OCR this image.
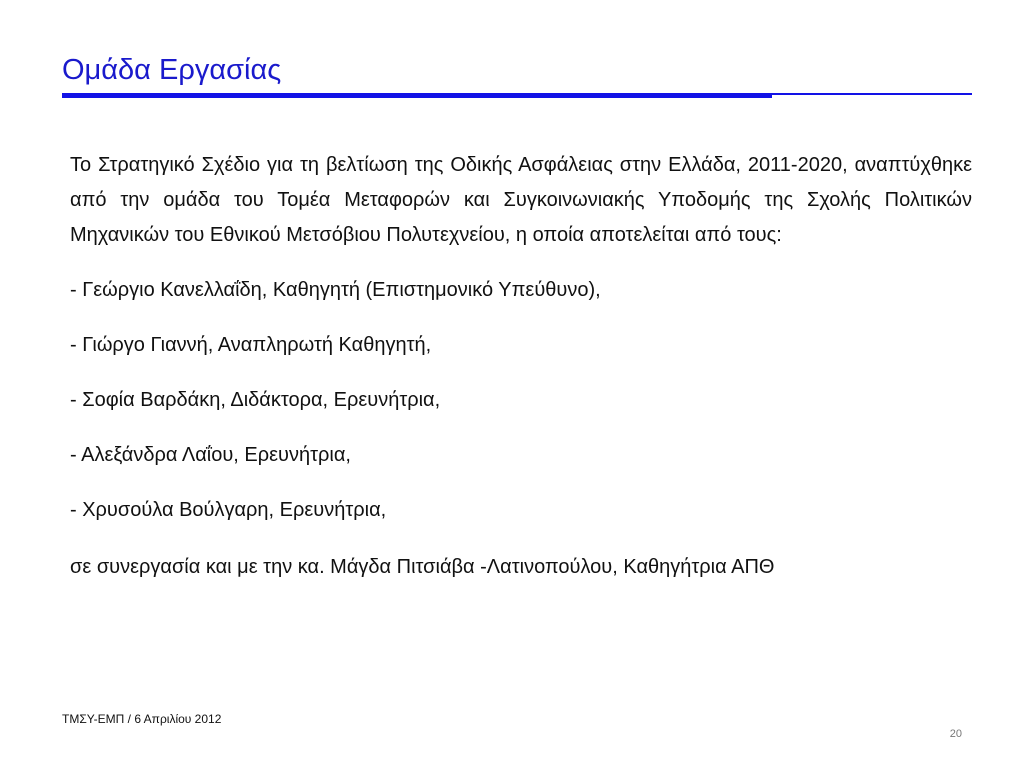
Ομάδα Εργασίας

Το Στρατηγικό Σχέδιο για τη βελτίωση της Οδικής Ασφάλειας στην Ελλάδα, 2011-2020, αναπτύχθηκε από την ομάδα του Τομέα Μεταφορών και Συγκοινωνιακής Υποδομής της Σχολής Πολιτικών Μηχανικών του Εθνικού Μετσόβιου Πολυτεχνείου, η οποία αποτελείται από τους:

- Γεώργιο Κανελλαΐδη, Καθηγητή (Επιστημονικό Υπεύθυνο),
- Γιώργο Γιαννή, Αναπληρωτή Καθηγητή,
- Σοφία Βαρδάκη, Διδάκτορα, Ερευνήτρια,
- Αλεξάνδρα Λαΐου, Ερευνήτρια,
- Χρυσούλα Βούλγαρη, Ερευνήτρια,

σε συνεργασία και με την κα. Μάγδα Πιτσιάβα -Λατινοπούλου, Καθηγήτρια ΑΠΘ

ΤΜΣΥ-ΕΜΠ / 6 Απριλίου 2012
20
